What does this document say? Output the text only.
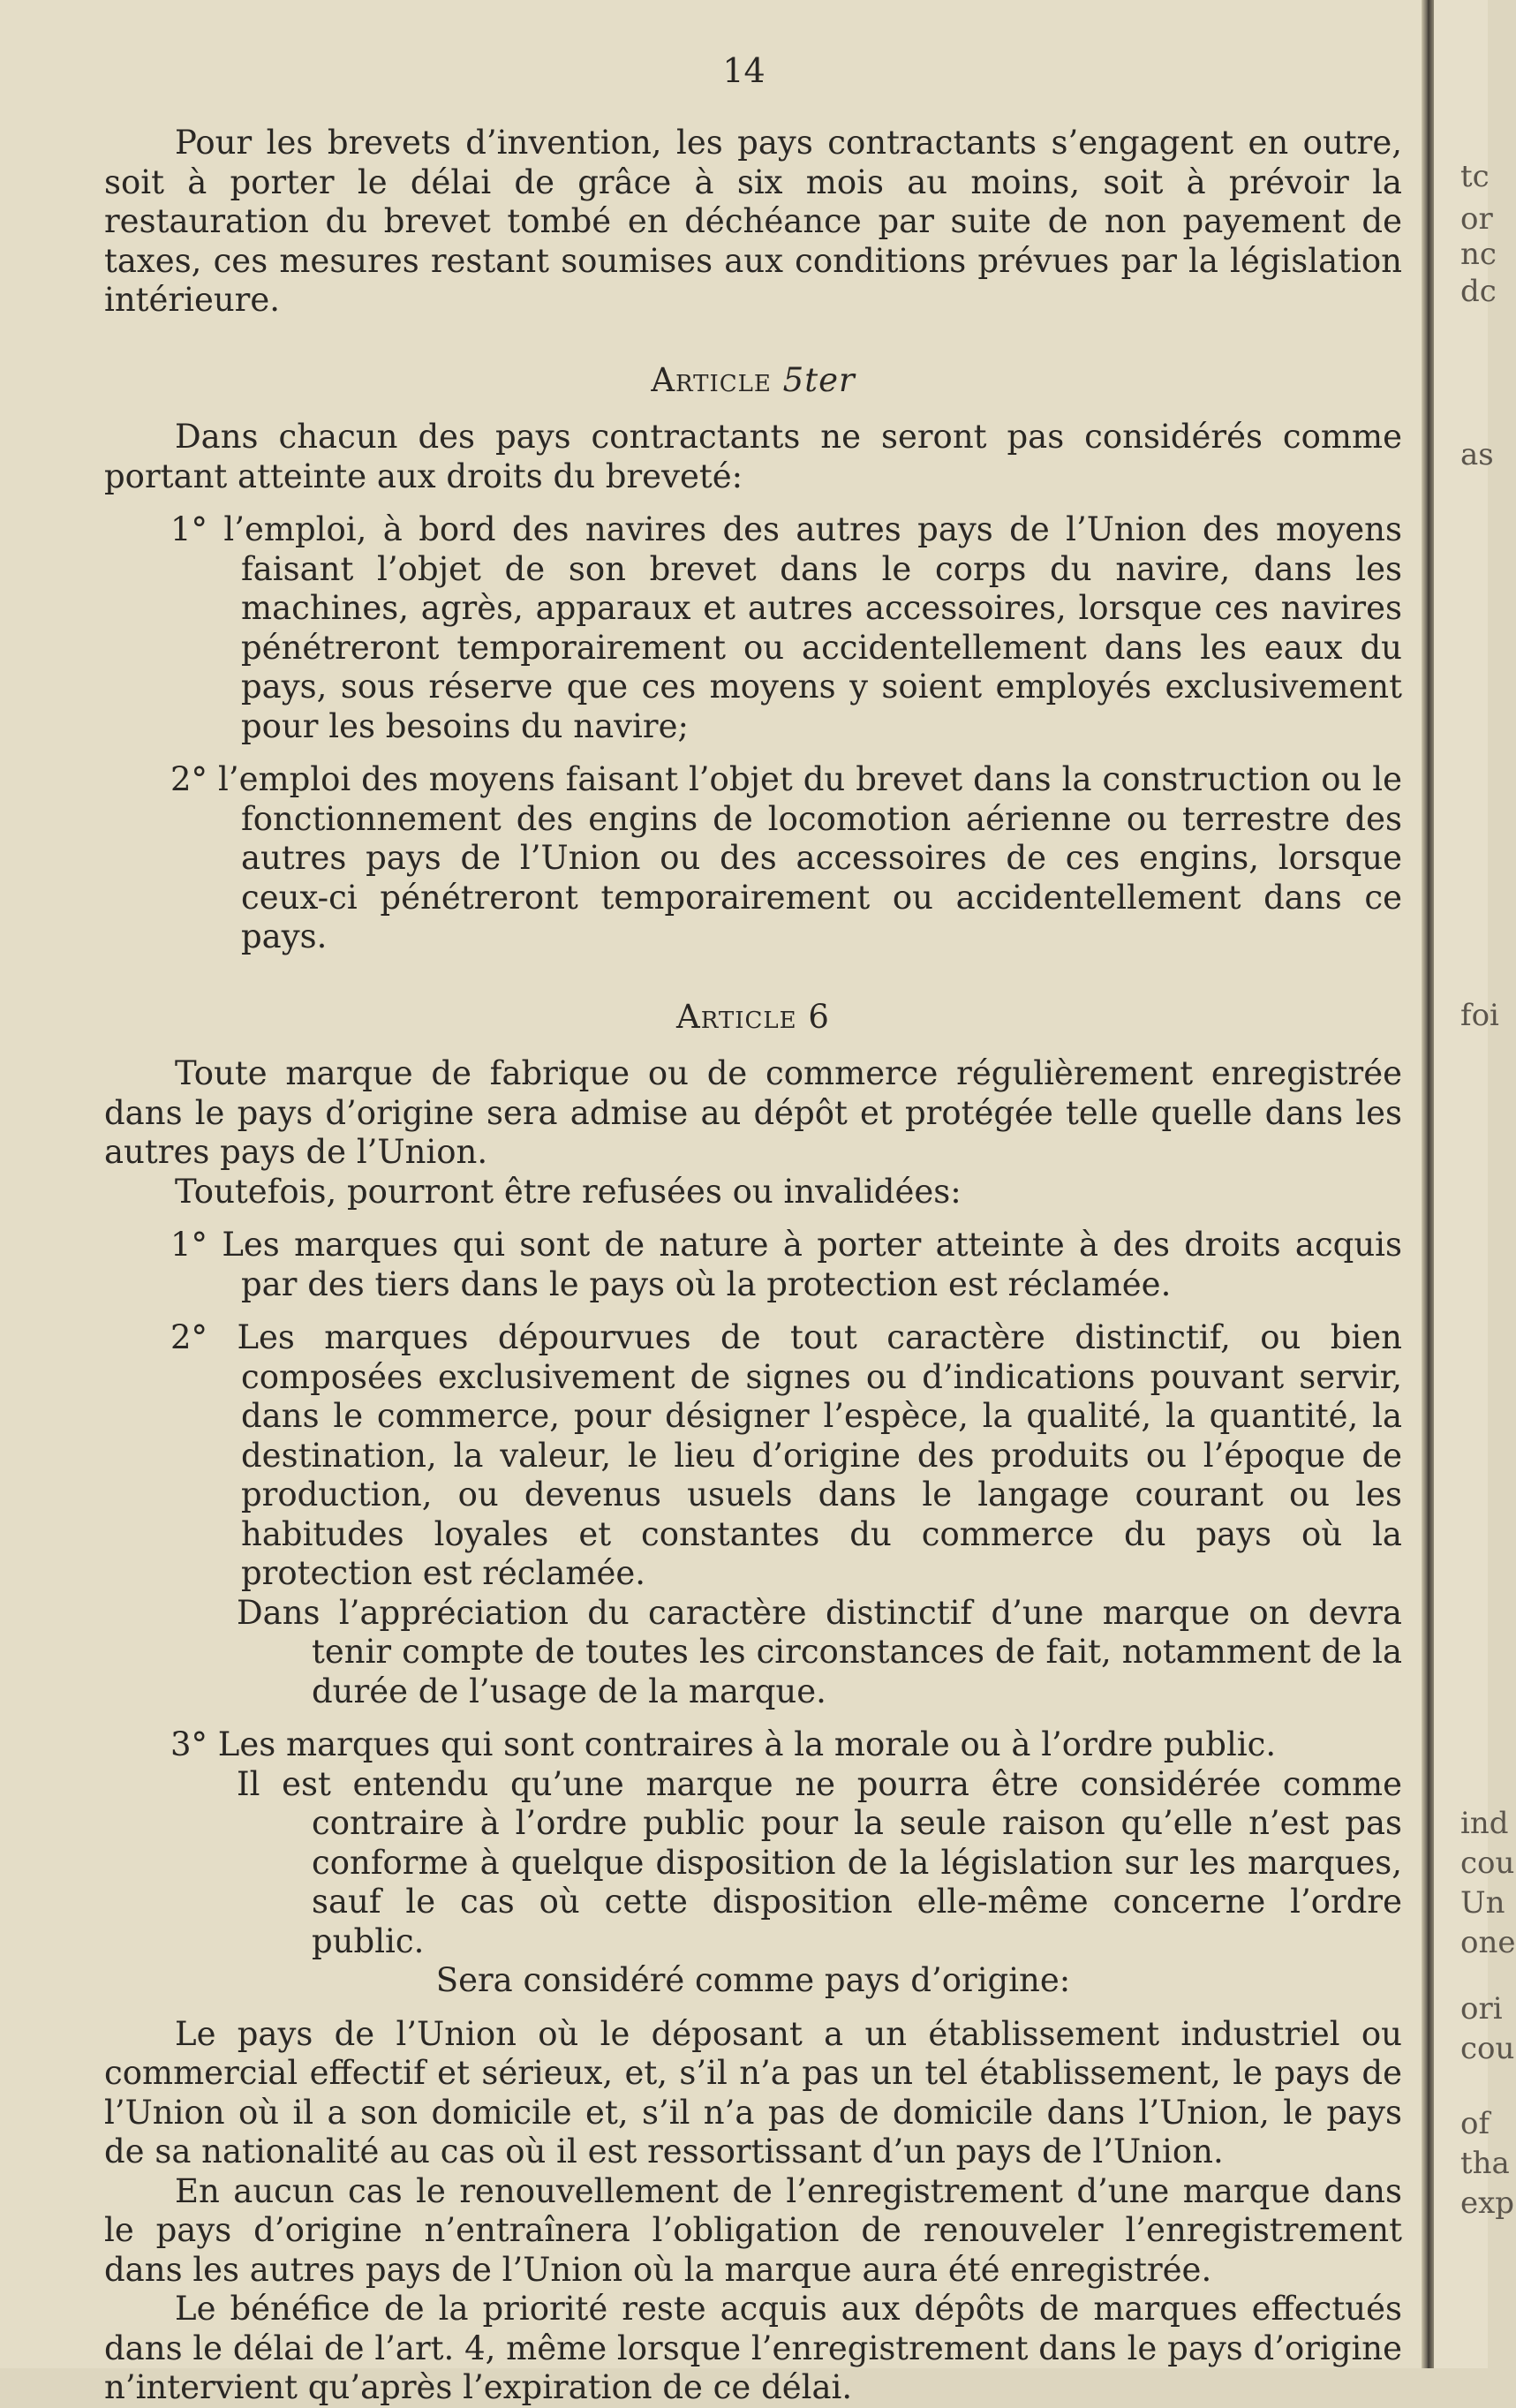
tc
or
nc
dc
as
foi
ind
cou
Un
one
ori
cou
of
tha
exp
14

Pour les brevets d’invention, les pays contractants s’engagent en outre, soit à porter le délai de grâce à six mois au moins, soit à prévoir la restauration du brevet tombé en déchéance par suite de non payement de taxes, ces mesures restant soumises aux conditions prévues par la législation intérieure.

Article 5ter

Dans chacun des pays contractants ne seront pas considérés comme portant atteinte aux droits du breveté:

1° l’emploi, à bord des navires des autres pays de l’Union des moyens faisant l’objet de son brevet dans le corps du navire, dans les machines, agrès, apparaux et autres accessoires, lorsque ces navires pénétreront temporairement ou accidentellement dans les eaux du pays, sous réserve que ces moyens y soient employés exclusivement pour les besoins du navire;

2° l’emploi des moyens faisant l’objet du brevet dans la construction ou le fonctionnement des engins de locomotion aérienne ou terrestre des autres pays de l’Union ou des accessoires de ces engins, lorsque ceux-ci pénétreront temporairement ou accidentellement dans ce pays.

Article 6

Toute marque de fabrique ou de commerce régulièrement enregistrée dans le pays d’origine sera admise au dépôt et protégée telle quelle dans les autres pays de l’Union.

Toutefois, pourront être refusées ou invalidées:

1° Les marques qui sont de nature à porter atteinte à des droits acquis par des tiers dans le pays où la protection est réclamée.

2° Les marques dépourvues de tout caractère distinctif, ou bien composées exclusivement de signes ou d’indications pouvant servir, dans le commerce, pour désigner l’espèce, la qualité, la quantité, la destination, la valeur, le lieu d’origine des produits ou l’époque de production, ou devenus usuels dans le langage courant ou les habitudes loyales et constantes du commerce du pays où la protection est réclamée.

Dans l’appréciation du caractère distinctif d’une marque on devra tenir compte de toutes les circonstances de fait, notamment de la durée de l’usage de la marque.

3° Les marques qui sont contraires à la morale ou à l’ordre public.

Il est entendu qu’une marque ne pourra être considérée comme contraire à l’ordre public pour la seule raison qu’elle n’est pas conforme à quelque disposition de la législation sur les marques, sauf le cas où cette disposition elle-même concerne l’ordre public.

Sera considéré comme pays d’origine:

Le pays de l’Union où le déposant a un établissement industriel ou commercial effectif et sérieux, et, s’il n’a pas un tel établissement, le pays de l’Union où il a son domicile et, s’il n’a pas de domicile dans l’Union, le pays de sa nationalité au cas où il est ressortissant d’un pays de l’Union.

En aucun cas le renouvellement de l’enregistrement d’une marque dans le pays d’origine n’entraînera l’obligation de renouveler l’enregistrement dans les autres pays de l’Union où la marque aura été enregistrée.

Le bénéfice de la priorité reste acquis aux dépôts de marques effectués dans le délai de l’art. 4, même lorsque l’enregistrement dans le pays d’origine n’intervient qu’après l’expiration de ce délai.
